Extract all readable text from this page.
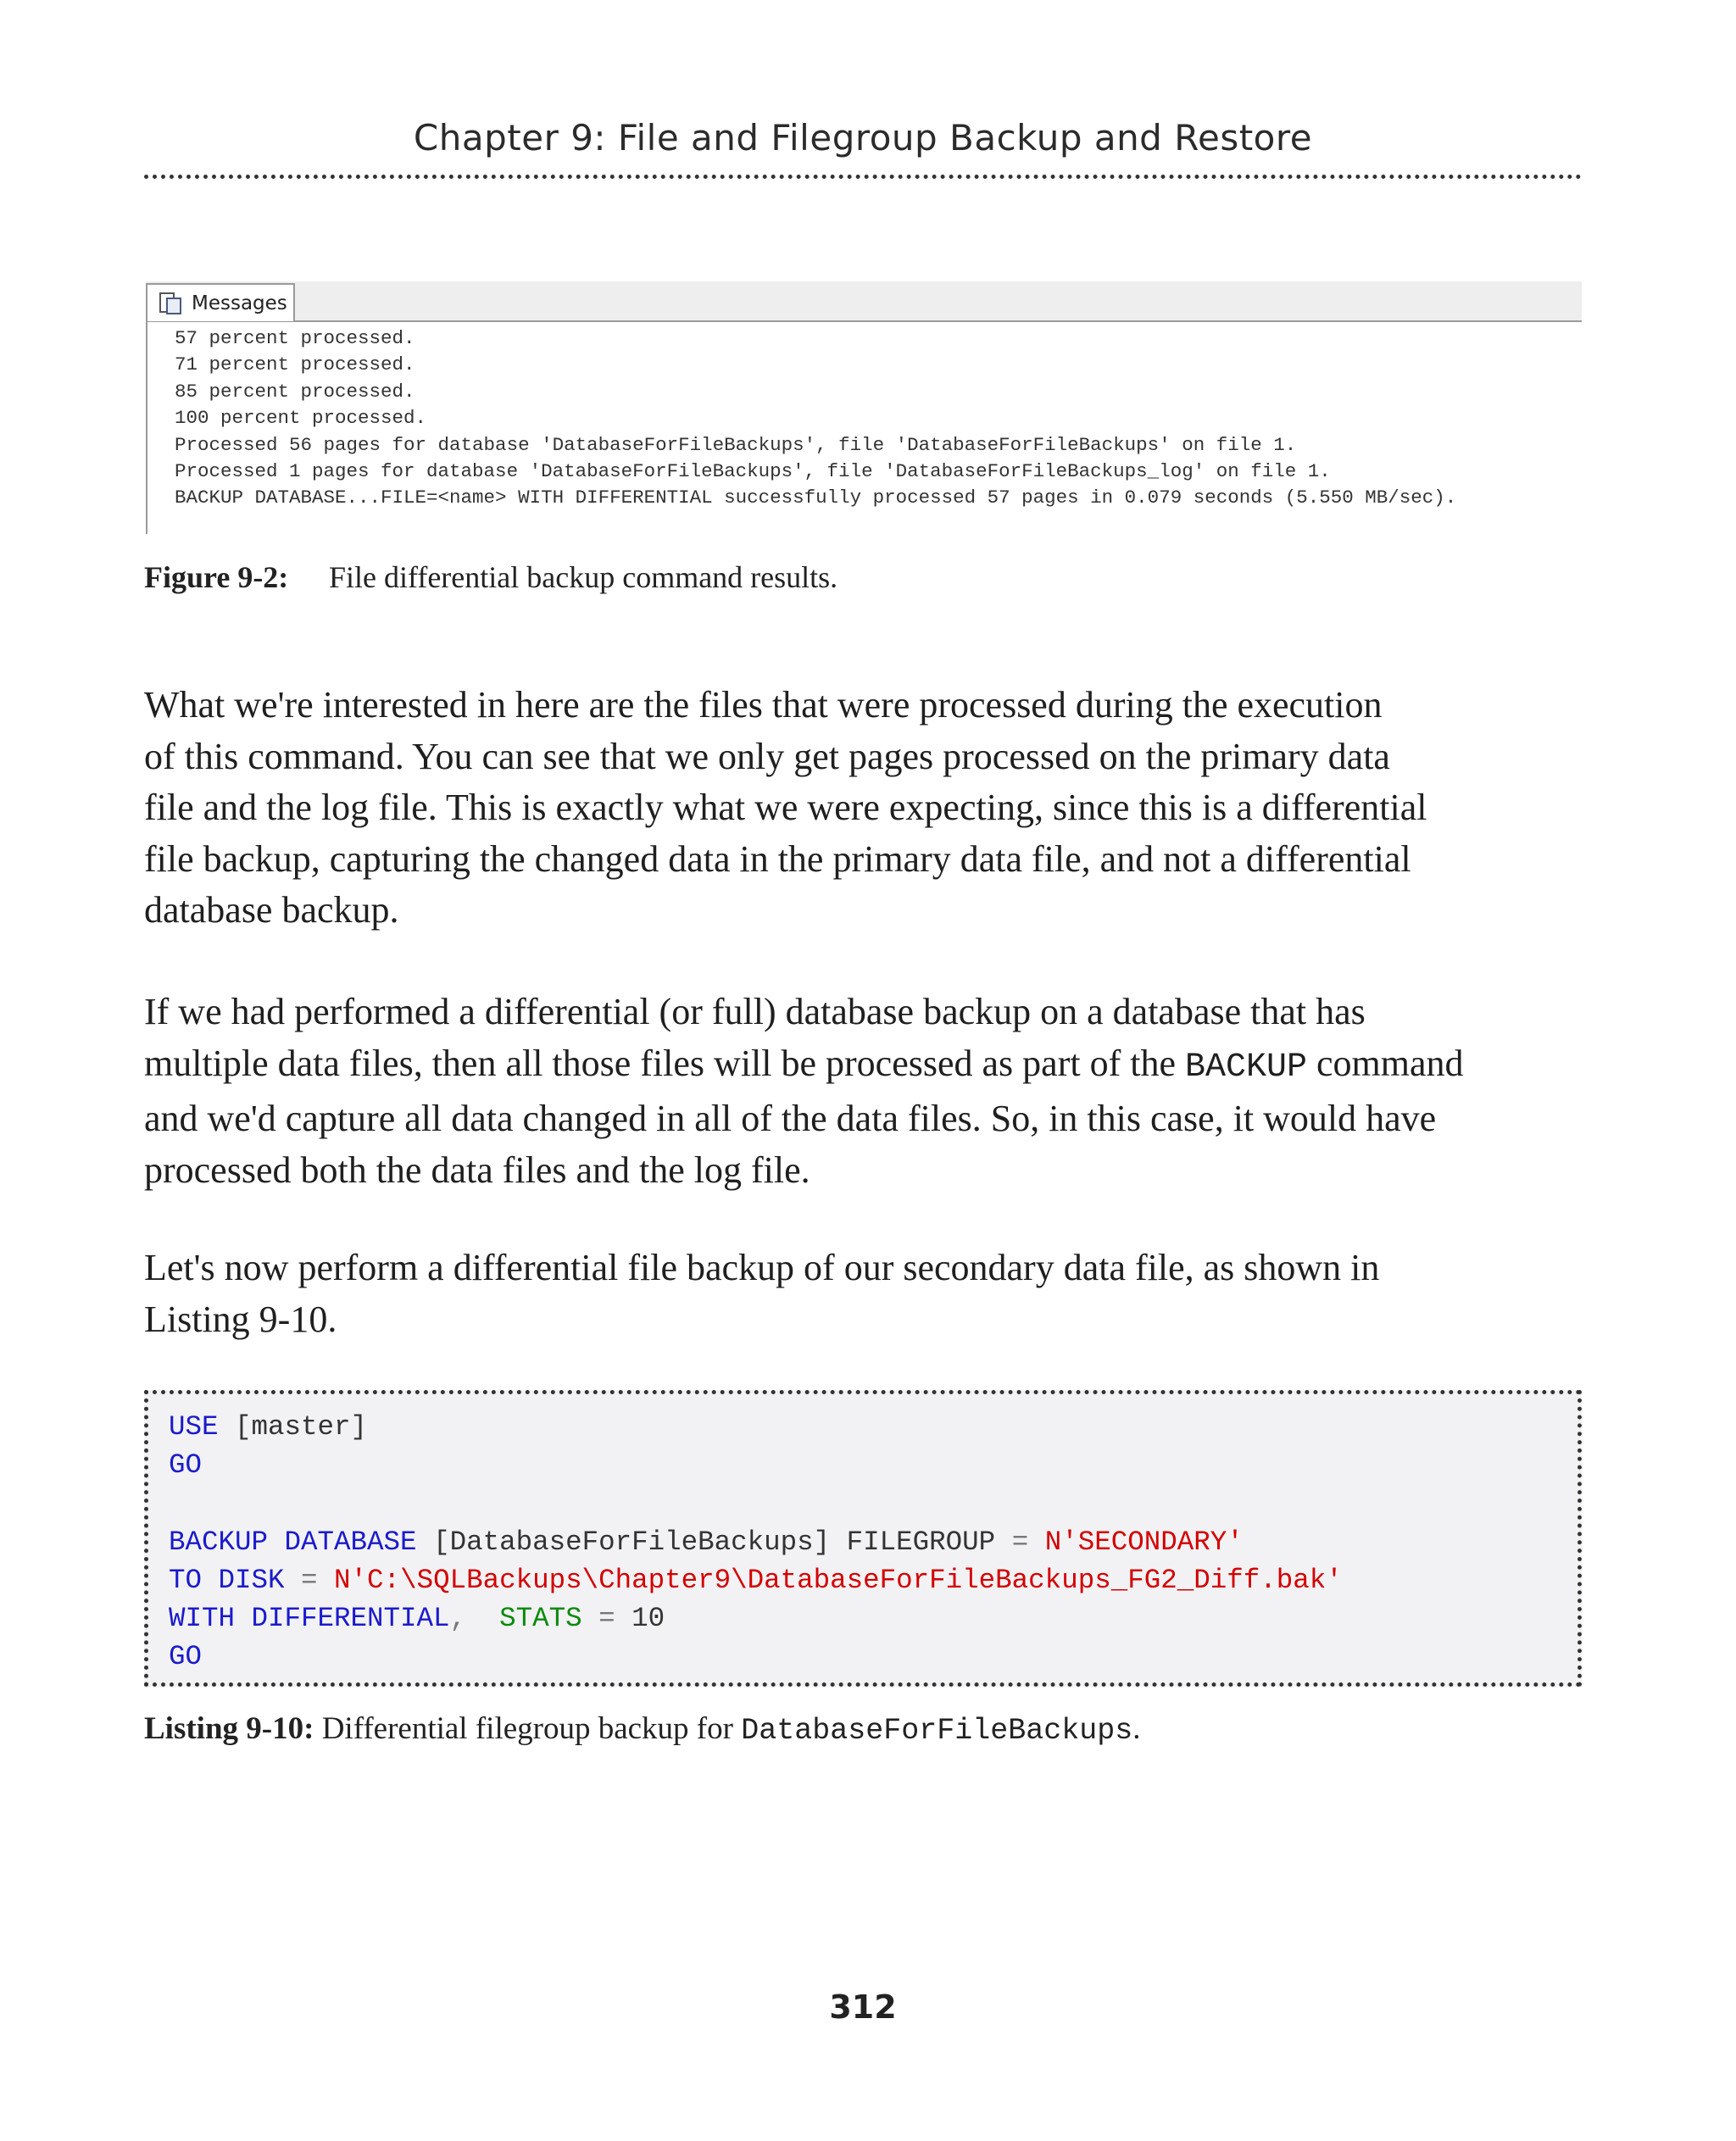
Chapter 9: File and Filegroup Backup and Restore
Messages
57 percent processed.
71 percent processed.
85 percent processed.
100 percent processed.
Processed 56 pages for database 'DatabaseForFileBackups', file 'DatabaseForFileBackups' on file 1.
Processed 1 pages for database 'DatabaseForFileBackups', file 'DatabaseForFileBackups_log' on file 1.
BACKUP DATABASE...FILE=<name> WITH DIFFERENTIAL successfully processed 57 pages in 0.079 seconds (5.550 MB/sec).
Figure 9-2: File differential backup command results.
What we're interested in here are the files that were processed during the execution
of this command. You can see that we only get pages processed on the primary data
file and the log file. This is exactly what we were expecting, since this is a differential
file backup, capturing the changed data in the primary data file, and not a differential
database backup.
If we had performed a differential (or full) database backup on a database that has
multiple data files, then all those files will be processed as part of the BACKUP command
and we'd capture all data changed in all of the data files. So, in this case, it would have
processed both the data files and the log file.
Let's now perform a differential file backup of our secondary data file, as shown in
Listing 9-10.
USE [master]
GO

BACKUP DATABASE [DatabaseForFileBackups] FILEGROUP = N'SECONDARY'
TO DISK = N'C:\SQLBackups\Chapter9\DatabaseForFileBackups_FG2_Diff.bak'
WITH DIFFERENTIAL, STATS = 10
GO
Listing 9-10: Differential filegroup backup for DatabaseForFileBackups.
312
